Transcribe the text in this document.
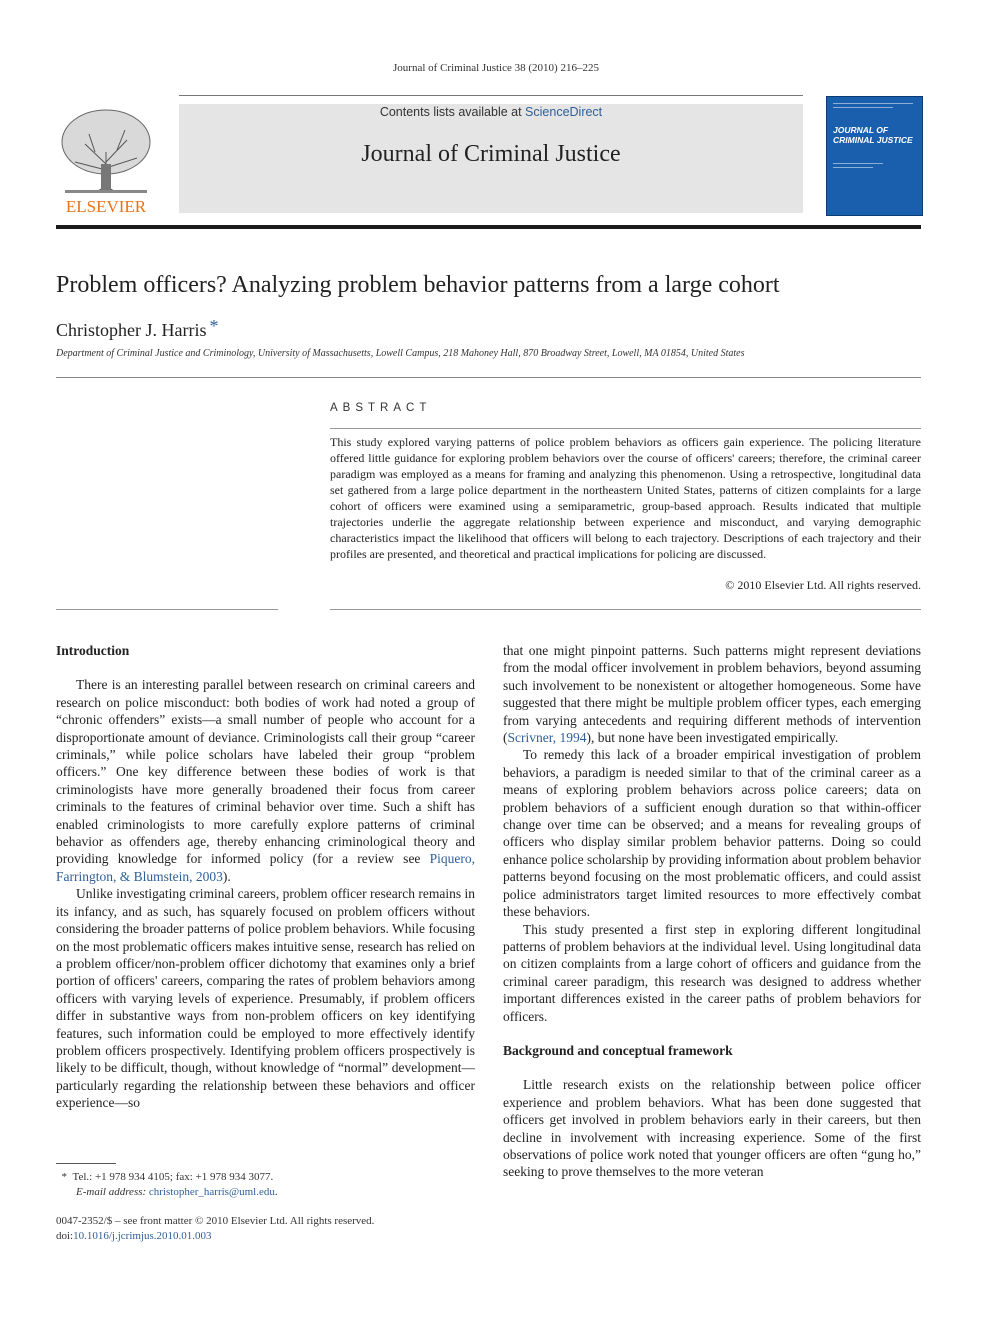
Journal of Criminal Justice 38 (2010) 216–225
ELSEVIER
Contents lists available at ScienceDirect
Journal of Criminal Justice
JOURNAL OF CRIMINAL JUSTICE
Problem officers? Analyzing problem behavior patterns from a large cohort
Christopher J. Harris *
Department of Criminal Justice and Criminology, University of Massachusetts, Lowell Campus, 218 Mahoney Hall, 870 Broadway Street, Lowell, MA 01854, United States
ABSTRACT
This study explored varying patterns of police problem behaviors as officers gain experience. The policing literature offered little guidance for exploring problem behaviors over the course of officers' careers; therefore, the criminal career paradigm was employed as a means for framing and analyzing this phenomenon. Using a retrospective, longitudinal data set gathered from a large police department in the northeastern United States, patterns of citizen complaints for a large cohort of officers were examined using a semiparametric, group-based approach. Results indicated that multiple trajectories underlie the aggregate relationship between experience and misconduct, and varying demographic characteristics impact the likelihood that officers will belong to each trajectory. Descriptions of each trajectory and their profiles are presented, and theoretical and practical implications for policing are discussed.
© 2010 Elsevier Ltd. All rights reserved.
Introduction

There is an interesting parallel between research on criminal careers and research on police misconduct: both bodies of work had noted a group of “chronic offenders” exists—a small number of people who account for a disproportionate amount of deviance. Criminologists call their group “career criminals,” while police scholars have labeled their group “problem officers.” One key difference between these bodies of work is that criminologists have more generally broadened their focus from career criminals to the features of criminal behavior over time. Such a shift has enabled criminologists to more carefully explore patterns of criminal behavior as offenders age, thereby enhancing criminological theory and providing knowledge for informed policy (for a review see Piquero, Farrington, & Blumstein, 2003).

Unlike investigating criminal careers, problem officer research remains in its infancy, and as such, has squarely focused on problem officers without considering the broader patterns of police problem behaviors. While focusing on the most problematic officers makes intuitive sense, research has relied on a problem officer/non-problem officer dichotomy that examines only a brief portion of officers' careers, comparing the rates of problem behaviors among officers with varying levels of experience. Presumably, if problem officers differ in substantive ways from non-problem officers on key identifying features, such information could be employed to more effectively identify problem officers prospectively. Identifying problem officers prospectively is likely to be difficult, though, without knowledge of “normal” development—particularly regarding the relationship between these behaviors and officer experience—so

that one might pinpoint patterns. Such patterns might represent deviations from the modal officer involvement in problem behaviors, beyond assuming such involvement to be nonexistent or altogether homogeneous. Some have suggested that there might be multiple problem officer types, each emerging from varying antecedents and requiring different methods of intervention (Scrivner, 1994), but none have been investigated empirically.

To remedy this lack of a broader empirical investigation of problem behaviors, a paradigm is needed similar to that of the criminal career as a means of exploring problem behaviors across police careers; data on problem behaviors of a sufficient enough duration so that within-officer change over time can be observed; and a means for revealing groups of officers who display similar problem behavior patterns. Doing so could enhance police scholarship by providing information about problem behavior patterns beyond focusing on the most problematic officers, and could assist police administrators target limited resources to more effectively combat these behaviors.

This study presented a first step in exploring different longitudinal patterns of problem behaviors at the individual level. Using longitudinal data on citizen complaints from a large cohort of officers and guidance from the criminal career paradigm, this research was designed to address whether important differences existed in the career paths of problem behaviors for officers.

Background and conceptual framework

Little research exists on the relationship between police officer experience and problem behaviors. What has been done suggested that officers get involved in problem behaviors early in their careers, but then decline in involvement with increasing experience. Some of the first observations of police work noted that younger officers are often “gung ho,” seeking to prove themselves to the more veteran

* Tel.: +1 978 934 4105; fax: +1 978 934 3077.
E-mail address: christopher_harris@uml.edu.
0047-2352/$ – see front matter © 2010 Elsevier Ltd. All rights reserved.
doi:10.1016/j.jcrimjus.2010.01.003
